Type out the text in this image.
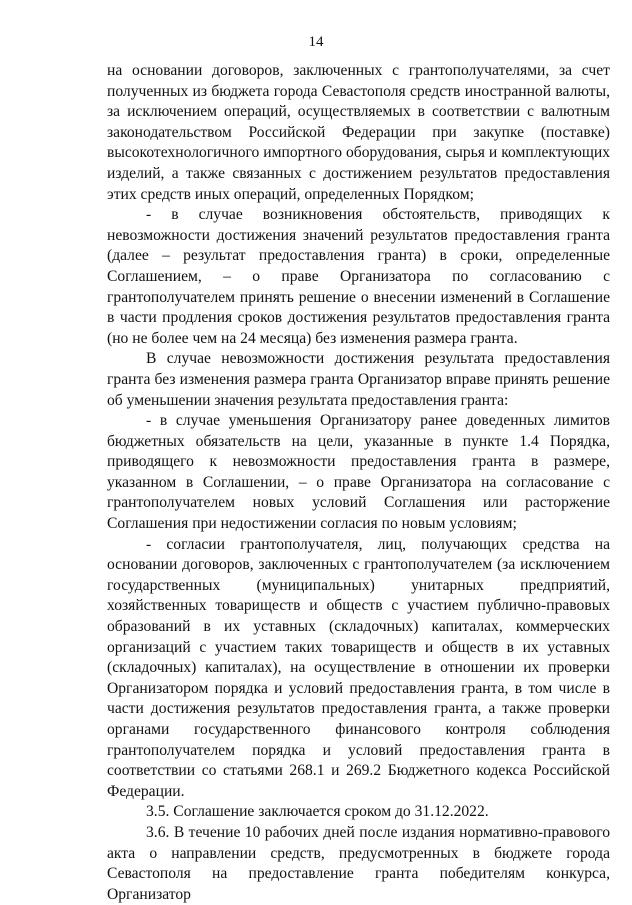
14

на основании договоров, заключенных с грантополучателями, за счет полученных из бюджета города Севастополя средств иностранной валюты, за исключением операций, осуществляемых в соответствии с валютным законодательством Российской Федерации при закупке (поставке) высокотехнологичного импортного оборудования, сырья и комплектующих изделий, а также связанных с достижением результатов предоставления этих средств иных операций, определенных Порядком;

- в случае возникновения обстоятельств, приводящих к невозможности достижения значений результатов предоставления гранта (далее – результат предоставления гранта) в сроки, определенные Соглашением, – о праве Организатора по согласованию с грантополучателем принять решение о внесении изменений в Соглашение в части продления сроков достижения результатов предоставления гранта (но не более чем на 24 месяца) без изменения размера гранта.

В случае невозможности достижения результата предоставления гранта без изменения размера гранта Организатор вправе принять решение об уменьшении значения результата предоставления гранта:

- в случае уменьшения Организатору ранее доведенных лимитов бюджетных обязательств на цели, указанные в пункте 1.4 Порядка, приводящего к невозможности предоставления гранта в размере, указанном в Соглашении, – о праве Организатора на согласование с грантополучателем новых условий Соглашения или расторжение Соглашения при недостижении согласия по новым условиям;

- согласии грантополучателя, лиц, получающих средства на основании договоров, заключенных с грантополучателем (за исключением государственных (муниципальных) унитарных предприятий, хозяйственных товариществ и обществ с участием публично-правовых образований в их уставных (складочных) капиталах, коммерческих организаций с участием таких товариществ и обществ в их уставных (складочных) капиталах), на осуществление в отношении их проверки Организатором порядка и условий предоставления гранта, в том числе в части достижения результатов предоставления гранта, а также проверки органами государственного финансового контроля соблюдения грантополучателем порядка и условий предоставления гранта в соответствии со статьями 268.1 и 269.2 Бюджетного кодекса Российской Федерации.

3.5. Соглашение заключается сроком до 31.12.2022.

3.6. В течение 10 рабочих дней после издания нормативно-правового акта о направлении средств, предусмотренных в бюджете города Севастополя на предоставление гранта победителям конкурса, Организатор
